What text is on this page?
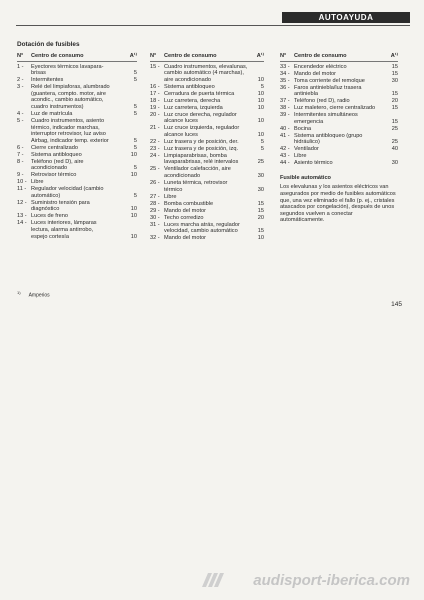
AUTOAYUDA
Dotación de fusibles
N°	Centro de consumo	A¹⁾
1 -	Eyectores térmicos lavapara-
brisas	5
2 -	Intermitentes	5
3 -	Relé del limpiaforas, alumbrado
(guantera, compto. motor, aire
acondic., cambio automático,
cuadro instrumentos)	5
4 -	Luz de matrícula	5
5 -	Cuadro instrumentos, asiento
térmico, indicador marchas,
interruptor retrovisor, luz aviso
Airbag, indicador temp. exterior	5
6 -	Cierre centralizado	5
7 -	Sistema antibloqueo	10
8 -	Teléfono (red D), aire
acondicionado	5
9 -	Retrovisor térmico	10
10 - Libre
11 - Regulador velocidad (cambio
automático)	5
12 - Suministro tensión para
diagnóstico	10
13 - Luces de freno	10
14 - Luces interiores, lámparas
lectura, alarma antirrobo,
espejo cortesía	10
N°	Centro de consumo	A¹⁾
15 - Cuadro instrumentos, elevalunas,
cambio automático (4 marchas),
aire acondicionado	10
16 - Sistema antibloqueo	5
17 - Cerradura de puerta térmica	10
18 - Luz carretera, derecha	10
19 - Luz carretera, izquierda	10
20 - Luz cruce derecha, regulador
alcance luces	10
21 - Luz cruce izquierda, regulador
alcance luces	10
22 - Luz trasera y de posición, der.	5
23 - Luz trasera y de posición, izq.	5
24 - Limpiaparabrisas, bomba
lavaparabrisas, relé intervalos	25
25 - Ventilador calefacción, aire
acondicionado	30
26 - Luneta térmica, retrovisor
térmico	30
27 - Libre
28 - Bomba combustible	15
29 - Mando del motor	15
30 - Techo corredizo	20
31 - Luces marcha atrás, regulador
velocidad, cambio automático	15
32 - Mando del motor	10
N°	Centro de consumo	A¹⁾
33 - Encendedor eléctrico	15
34 - Mando del motor	15
35 - Toma corriente del remolque	30
36 - Faros antiniebla/luz trasera
antiniebla	15
37 - Teléfono (red D), radio	20
38 - Luz maletero, cierre centralizado	15
39 - Intermitentes simultáneos
emergencia	15
40 - Bocina	25
41 - Sistema antibloqueo (grupo
hidráulico)	25
42 - Ventilador	40
43 - Libre
44 - Asiento térmico	30
Fusible automático
Los elevalunas y los asientos eléctricos van asegurados por medio de fusibles automáticos que, una vez eliminado el fallo (p. ej., cristales atascados por congelación), después de unos segundos vuelven a conectar automáticamente.
$^{1)}$Amperios
145
audisport-iberica.com
